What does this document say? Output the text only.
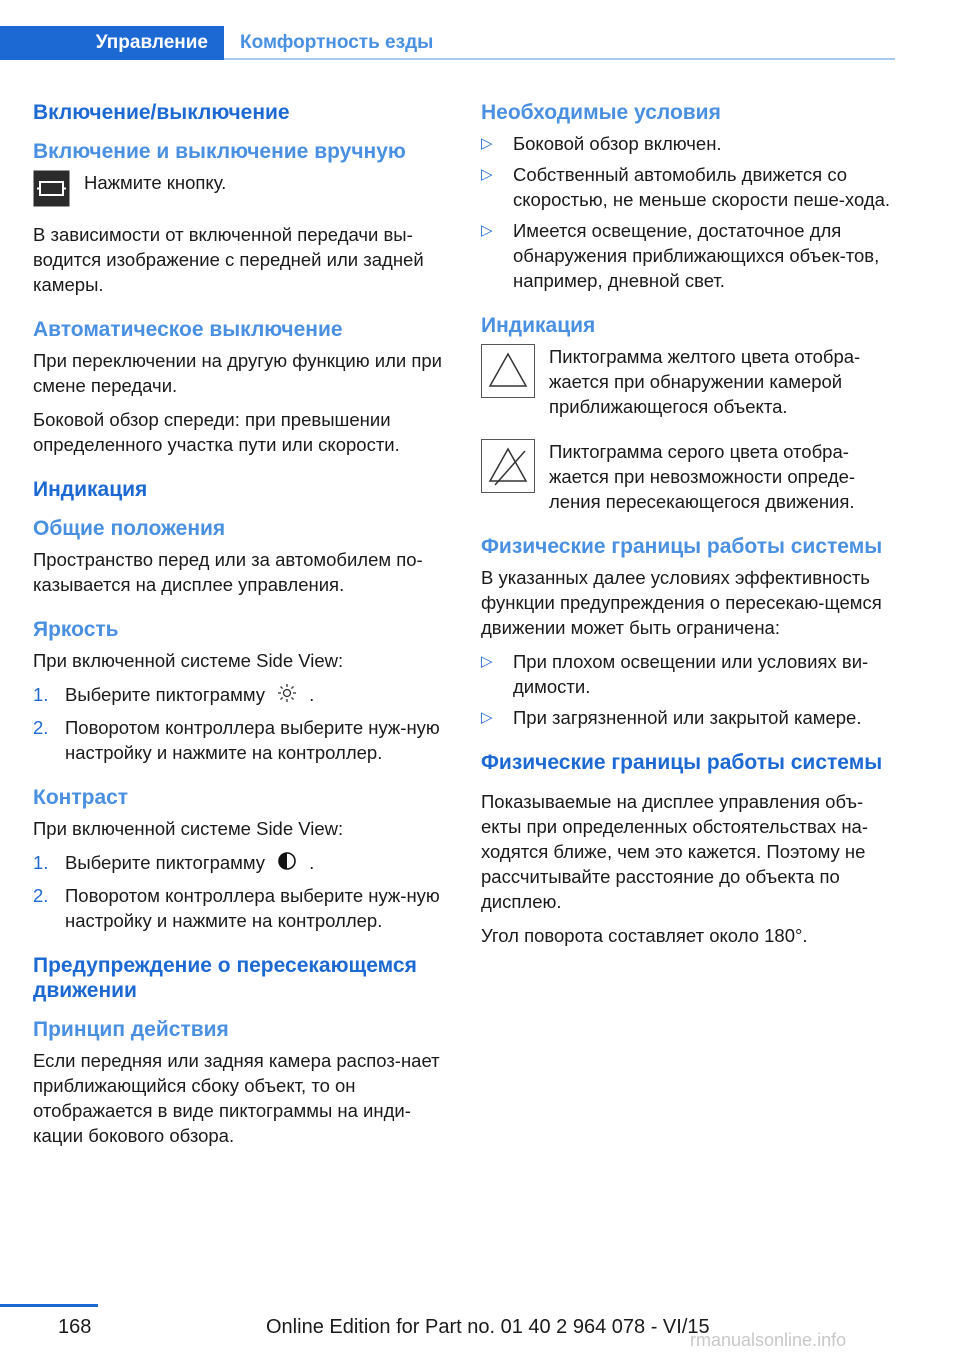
Управление	Комфортность езды
Включение/выключение
Включение и выключение вручную
Нажмите кнопку.
В зависимости от включенной передачи вы-водится изображение с передней или задней камеры.
Автоматическое выключение
При переключении на другую функцию или при смене передачи.
Боковой обзор спереди: при превышении определенного участка пути или скорости.
Индикация
Общие положения
Пространство перед или за автомобилем по-казывается на дисплее управления.
Яркость
При включенной системе Side View:
1. Выберите пиктограмму .
2. Поворотом контроллера выберите нуж-ную настройку и нажмите на контроллер.
Контраст
При включенной системе Side View:
1. Выберите пиктограмму .
2. Поворотом контроллера выберите нуж-ную настройку и нажмите на контроллер.
Предупреждение о пересекающемся движении
Принцип действия
Если передняя или задняя камера распоз-нает приближающийся сбоку объект, то он отображается в виде пиктограммы на инди-кации бокового обзора.
Необходимые условия
▷	Боковой обзор включен.
▷	Собственный автомобиль движется со скоростью, не меньше скорости пеше-хода.
▷	Имеется освещение, достаточное для обнаружения приближающихся объек-тов, например, дневной свет.
Индикация
Пиктограмма желтого цвета отобра-жается при обнаружении камерой приближающегося объекта.
Пиктограмма серого цвета отобра-жается при невозможности опреде-ления пересекающегося движения.
Физические границы работы системы
В указанных далее условиях эффективность функции предупреждения о пересекаю-щемся движении может быть ограничена:
▷	При плохом освещении или условиях ви-димости.
▷	При загрязненной или закрытой камере.
Физические границы работы системы
Показываемые на дисплее управления объ-екты при определенных обстоятельствах на-ходятся ближе, чем это кажется. Поэтому не рассчитывайте расстояние до объекта по дисплею.
Угол поворота составляет около 180°.
168	Online Edition for Part no. 01 40 2 964 078 - VI/15
rmanualsonline.info
